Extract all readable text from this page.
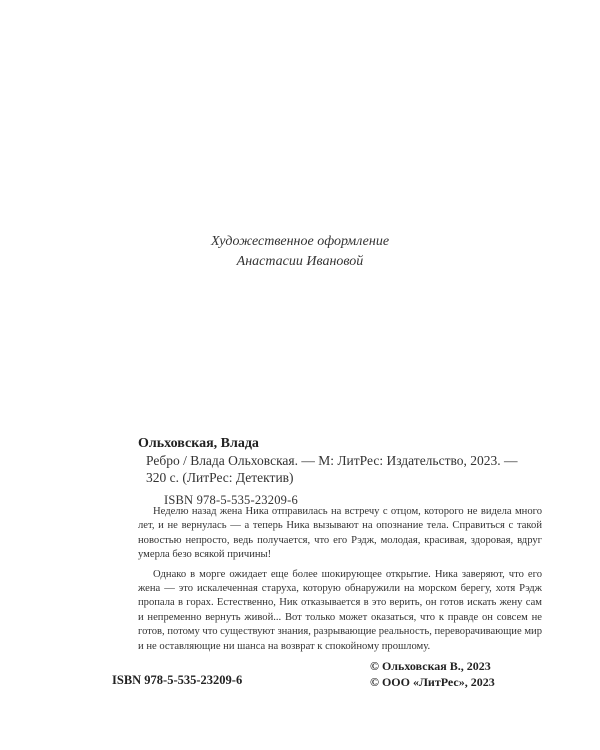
Художественное оформление
Анастасии Ивановой
Ольховская, Влада
Ребро / Влада Ольховская. — М: ЛитРес: Издательство, 2023. — 320 с. (ЛитРес: Детектив)
ISBN 978-5-535-23209-6

Неделю назад жена Ника отправилась на встречу с отцом, которого не видела много лет, и не вернулась — а теперь Ника вызывают на опознание тела. Справиться с такой новостью непросто, ведь получается, что его Рэдж, молодая, красивая, здоровая, вдруг умерла безо всякой причины!

Однако в морге ожидает еще более шокирующее открытие. Ника заверяют, что его жена — это искалеченная старуха, которую обнаружили на морском берегу, хотя Рэдж пропала в горах. Естественно, Ник отказывается в это верить, он готов искать жену сам и непременно вернуть живой... Вот только может оказаться, что к правде он совсем не готов, потому что существуют знания, разрывающие реальность, переворачивающие мир и не оставляющие ни шанса на возврат к спокойному прошлому.

ISBN 978-5-535-23209-6
© Ольховская В., 2023
© ООО «ЛитРес», 2023
